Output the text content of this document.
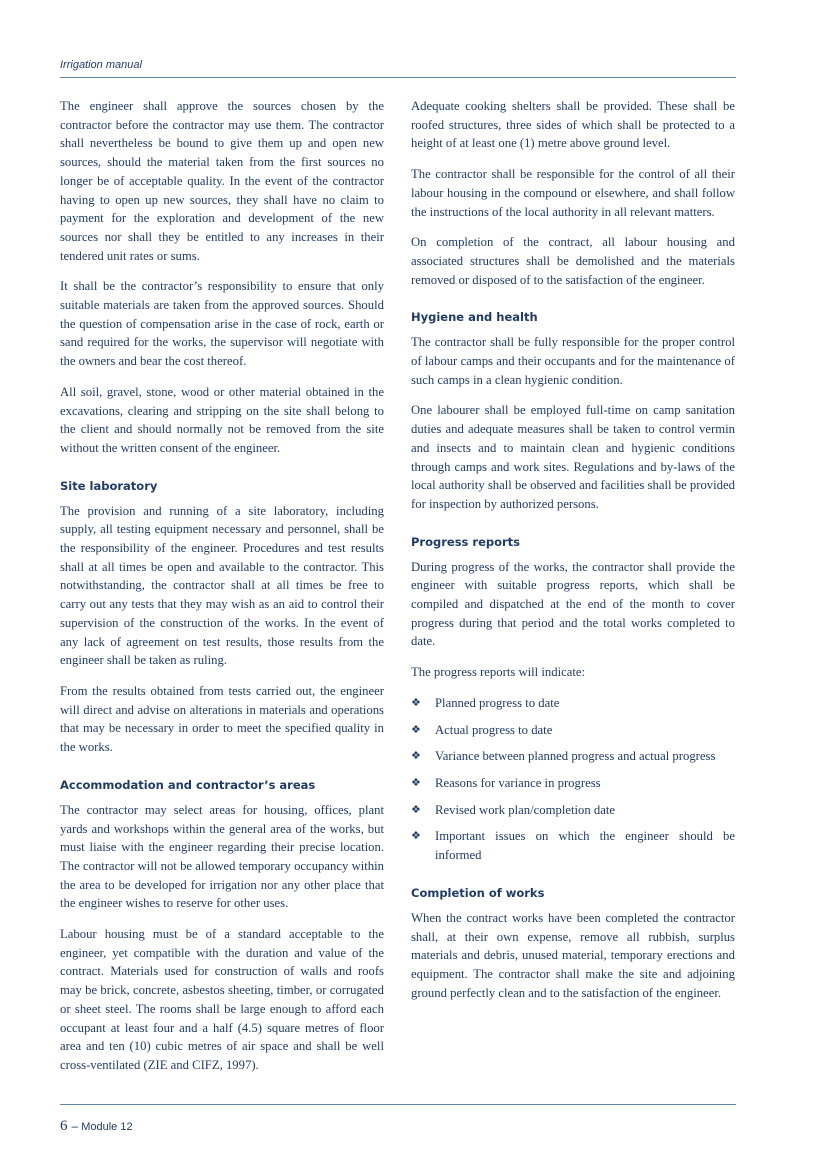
Irrigation manual

The engineer shall approve the sources chosen by the contractor before the contractor may use them. The contractor shall nevertheless be bound to give them up and open new sources, should the material taken from the first sources no longer be of acceptable quality. In the event of the contractor having to open up new sources, they shall have no claim to payment for the exploration and development of the new sources nor shall they be entitled to any increases in their tendered unit rates or sums.

It shall be the contractor’s responsibility to ensure that only suitable materials are taken from the approved sources. Should the question of compensation arise in the case of rock, earth or sand required for the works, the supervisor will negotiate with the owners and bear the cost thereof.

All soil, gravel, stone, wood or other material obtained in the excavations, clearing and stripping on the site shall belong to the client and should normally not be removed from the site without the written consent of the engineer.

Site laboratory

The provision and running of a site laboratory, including supply, all testing equipment necessary and personnel, shall be the responsibility of the engineer. Procedures and test results shall at all times be open and available to the contractor. This notwithstanding, the contractor shall at all times be free to carry out any tests that they may wish as an aid to control their supervision of the construction of the works. In the event of any lack of agreement on test results, those results from the engineer shall be taken as ruling.

From the results obtained from tests carried out, the engineer will direct and advise on alterations in materials and operations that may be necessary in order to meet the specified quality in the works.

Accommodation and contractor’s areas

The contractor may select areas for housing, offices, plant yards and workshops within the general area of the works, but must liaise with the engineer regarding their precise location. The contractor will not be allowed temporary occupancy within the area to be developed for irrigation nor any other place that the engineer wishes to reserve for other uses.

Labour housing must be of a standard acceptable to the engineer, yet compatible with the duration and value of the contract. Materials used for construction of walls and roofs may be brick, concrete, asbestos sheeting, timber, or corrugated or sheet steel. The rooms shall be large enough to afford each occupant at least four and a half (4.5) square metres of floor area and ten (10) cubic metres of air space and shall be well cross-ventilated (ZIE and CIFZ, 1997).

Adequate cooking shelters shall be provided. These shall be roofed structures, three sides of which shall be protected to a height of at least one (1) metre above ground level.

The contractor shall be responsible for the control of all their labour housing in the compound or elsewhere, and shall follow the instructions of the local authority in all relevant matters.

On completion of the contract, all labour housing and associated structures shall be demolished and the materials removed or disposed of to the satisfaction of the engineer.

Hygiene and health

The contractor shall be fully responsible for the proper control of labour camps and their occupants and for the maintenance of such camps in a clean hygienic condition.

One labourer shall be employed full-time on camp sanitation duties and adequate measures shall be taken to control vermin and insects and to maintain clean and hygienic conditions through camps and work sites. Regulations and by-laws of the local authority shall be observed and facilities shall be provided for inspection by authorized persons.

Progress reports

During progress of the works, the contractor shall provide the engineer with suitable progress reports, which shall be compiled and dispatched at the end of the month to cover progress during that period and the total works completed to date.

The progress reports will indicate:

❖ Planned progress to date
❖ Actual progress to date
❖ Variance between planned progress and actual progress
❖ Reasons for variance in progress
❖ Revised work plan/completion date
❖ Important issues on which the engineer should be informed
Completion of works

When the contract works have been completed the contractor shall, at their own expense, remove all rubbish, surplus materials and debris, unused material, temporary erections and equipment. The contractor shall make the site and adjoining ground perfectly clean and to the satisfaction of the engineer.

6 – Module 12
